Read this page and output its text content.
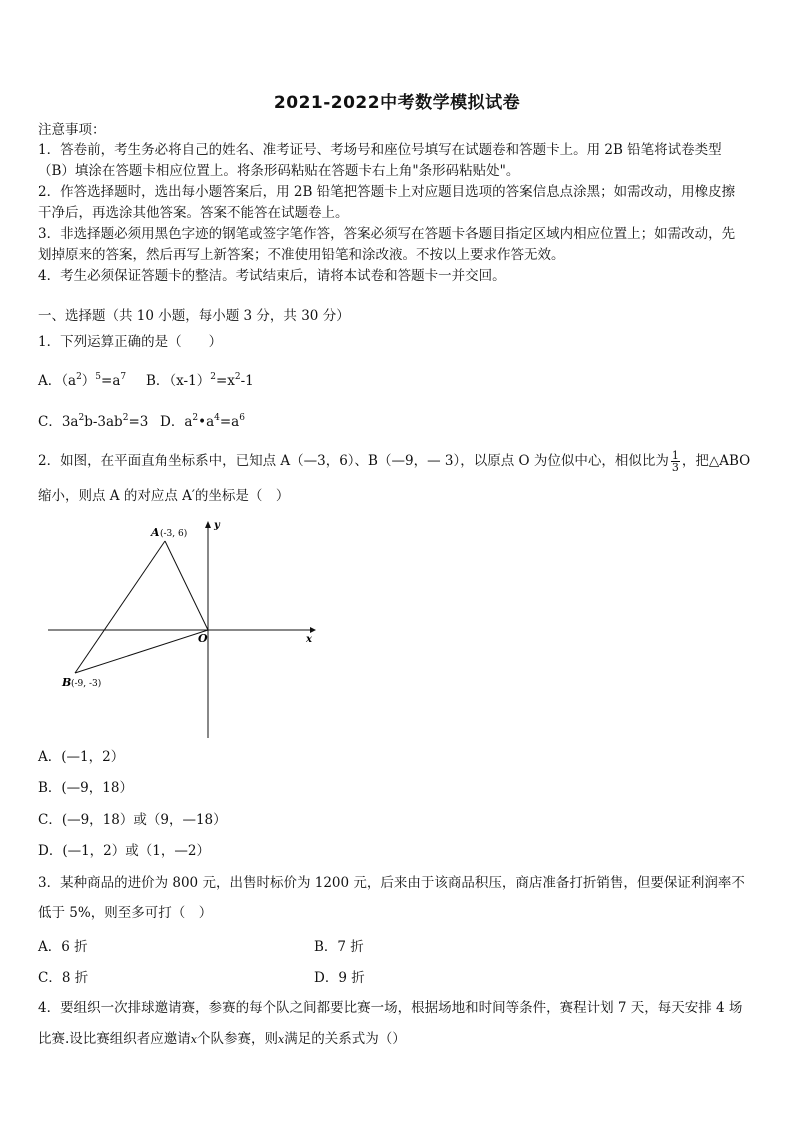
2021-2022中考数学模拟试卷
注意事项：
1．答卷前，考生务必将自己的姓名、准考证号、考场号和座位号填写在试题卷和答题卡上。用 2B 铅笔将试卷类型
（B）填涂在答题卡相应位置上。将条形码粘贴在答题卡右上角"条形码粘贴处"。
2．作答选择题时，选出每小题答案后，用 2B 铅笔把答题卡上对应题目选项的答案信息点涂黑；如需改动，用橡皮擦
干净后，再选涂其他答案。答案不能答在试题卷上。
3．非选择题必须用黑色字迹的钢笔或签字笔作答，答案必须写在答题卡各题目指定区域内相应位置上；如需改动，先
划掉原来的答案，然后再写上新答案；不准使用铅笔和涂改液。不按以上要求作答无效。
4．考生必须保证答题卡的整洁。考试结束后，请将本试卷和答题卡一并交回。
一、选择题（共 10 小题，每小题 3 分，共 30 分）
1．下列运算正确的是（　　）
A．$(a^2)^5=a^7$ B．$(x-1)^2=x^2-1$
C．$3a^2b-3ab^2=3$ D．$a^2•a^4=a^6$
2．如图，在平面直角坐标系中，已知点 A（—3，6）、B（—9，— 3），以原点 O 为位似中心，相似比为 $\frac{1}{3}$ ，把△ABO
缩小，则点 A 的对应点 A′的坐标是（　）
A (-3, 6)
B (-9, -3)
O	x
y
A．(—1，2）
B．(—9，18）
C．(—9，18）或（9，—18）
D．(—1，2）或（1，—2）
3．某种商品的进价为 800 元，出售时标价为 1200 元，后来由于该商品积压，商店准备打折销售，但要保证利润率不
低于 5%，则至多可打（　）
A．6 折	B．7 折
C．8 折	D．9 折
4．要组织一次排球邀请赛，参赛的每个队之间都要比赛一场，根据场地和时间等条件，赛程计划 7 天，每天安排 4 场
比赛.设比赛组织者应邀请x个队参赛，则x满足的关系式为（）
